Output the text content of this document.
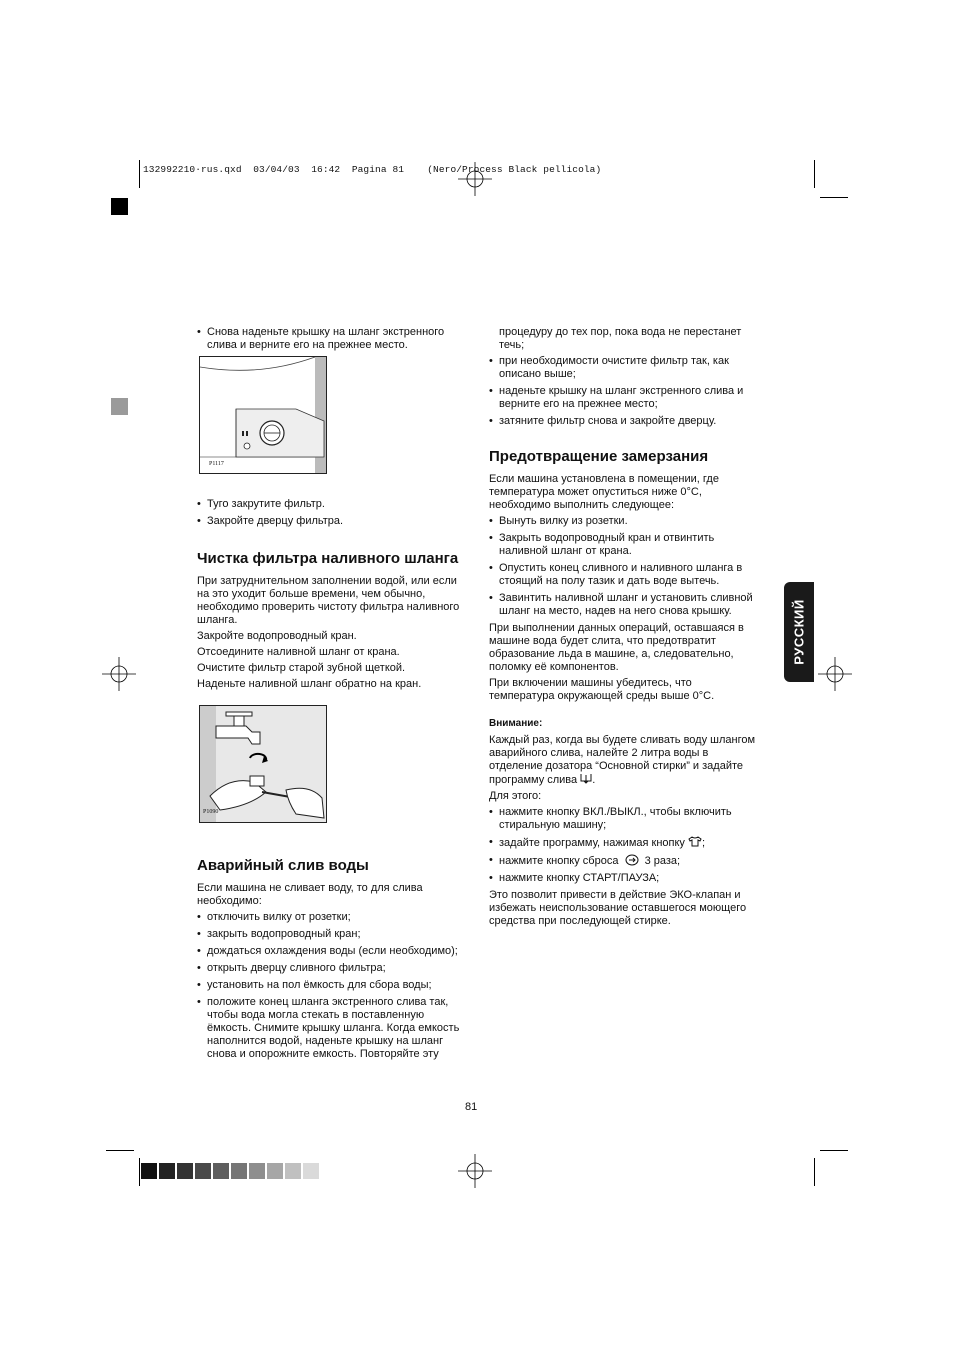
132992210·rus.qxd  03/04/03  16:42  Pagina 81    (Nero/Process Black pellicola)
РУССКИЙ
• Снова наденьте крышку на шланг экстренного слива и верните его на прежнее место.
P1117
• Туго закрутите фильтр.
• Закройте дверцу фильтра.
Чистка фильтра наливного шланга

При затруднительном заполнении водой, или если на это уходит больше времени, чем обычно, необходимо проверить чистоту фильтра наливного шланга.

Закройте водопроводный кран.

Отсоедините наливной шланг от крана.

Очистите фильтр старой зубной щеткой.

Наденьте наливной шланг обратно на кран.

P1090
Аварийный слив воды

Если машина не сливает воду, то для слива необходимо:

• отключить вилку от розетки;
• закрыть водопроводный кран;
• дождаться охлаждения воды (если необходимо);
• открыть дверцу сливного фильтра;
• установить на пол ёмкость для сбора воды;
• положите конец шланга экстренного слива так, чтобы вода могла стекать в поставленную ёмкость. Снимите крышку шланга. Когда емкость наполнится водой, наденьте крышку на шланг снова и опорожните емкость. Повторяйте эту

процедуру до тех пор, пока вода не перестанет течь;

• при необходимости очистите фильтр так, как описано выше;
• наденьте крышку на шланг экстренного слива и верните его на прежнее место;
• затяните фильтр снова и закройте дверцу.
Предотвращение замерзания

Если машина установлена в помещении, где температура может опуститься ниже 0°С, необходимо выполнить следующее:

• Вынуть вилку из розетки.
• Закрыть водопроводный кран и отвинтить наливной шланг от крана.
• Опустить конец сливного и наливного шланга в стоящий на полу тазик и дать воде вытечь.
• Завинтить наливной шланг и установить сливной шланг на место, надев на него снова крышку.

При выполнении данных операций, оставшаяся в машине вода будет слита, что предотвратит образование льда в машине, а, следовательно, поломку её компонентов.

При включении машины убедитесь, что температура окружающей среды выше 0°С.

Внимание:

Каждый раз, когда вы будете сливать воду шлангом аварийного слива, налейте 2 литра воды в отделение дозатора “Основной стирки” и задайте программу слива .

Для этого:

• нажмите кнопку ВКЛ./ВЫКЛ., чтобы включить стиральную машину;
• задайте программу, нажимая кнопку ;
• нажмите кнопку сброса 3 раза;
• нажмите кнопку СТАРТ/ПАУЗА;

Это позволит привести в действие ЭКО-клапан и избежать неиспользование оставшегося моющего средства при последующей стирке.

81
